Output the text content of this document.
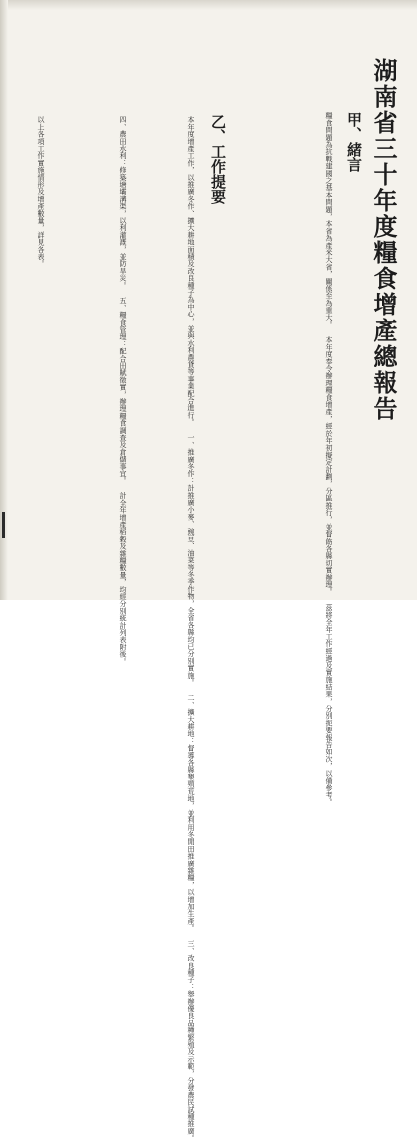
湖南省三十年度糧食增產總報告
甲、緒言
糧食問題為抗戰建國之基本問題，本省為產米大省，關係至為重大。 本年度奉令辦理糧食增產，經於年初擬定計劃，分區推行，並督飭各縣切實辦理。 茲將全年工作經過及實施結果，分別扼要報告如次，以備參考。
乙、工作提要
本年度增產工作，以推廣冬作、擴大耕地面積及改良種子為中心，並與水利農貸等事業配合進行。 一、推廣冬作：計推廣小麥、豌豆、油菜等冬季作物，全省各縣均已分別實施。 二、擴大耕地：督導各縣墾殖荒地，並利用冬閒田推廣雜糧，以增加生產。 三、改良種子：舉辦優良品種繁殖及示範，分發農民試種推廣。
四、農田水利：修築塘壩溝渠，以利灌溉，並防旱災。 五、糧食管理：配合田賦徵實，辦理糧食調查及倉儲事宜。 計全年增產稻穀及雜糧數量，均經分別統計列表附後。
以上各項工作實施情形及增產數量，詳見各表。
